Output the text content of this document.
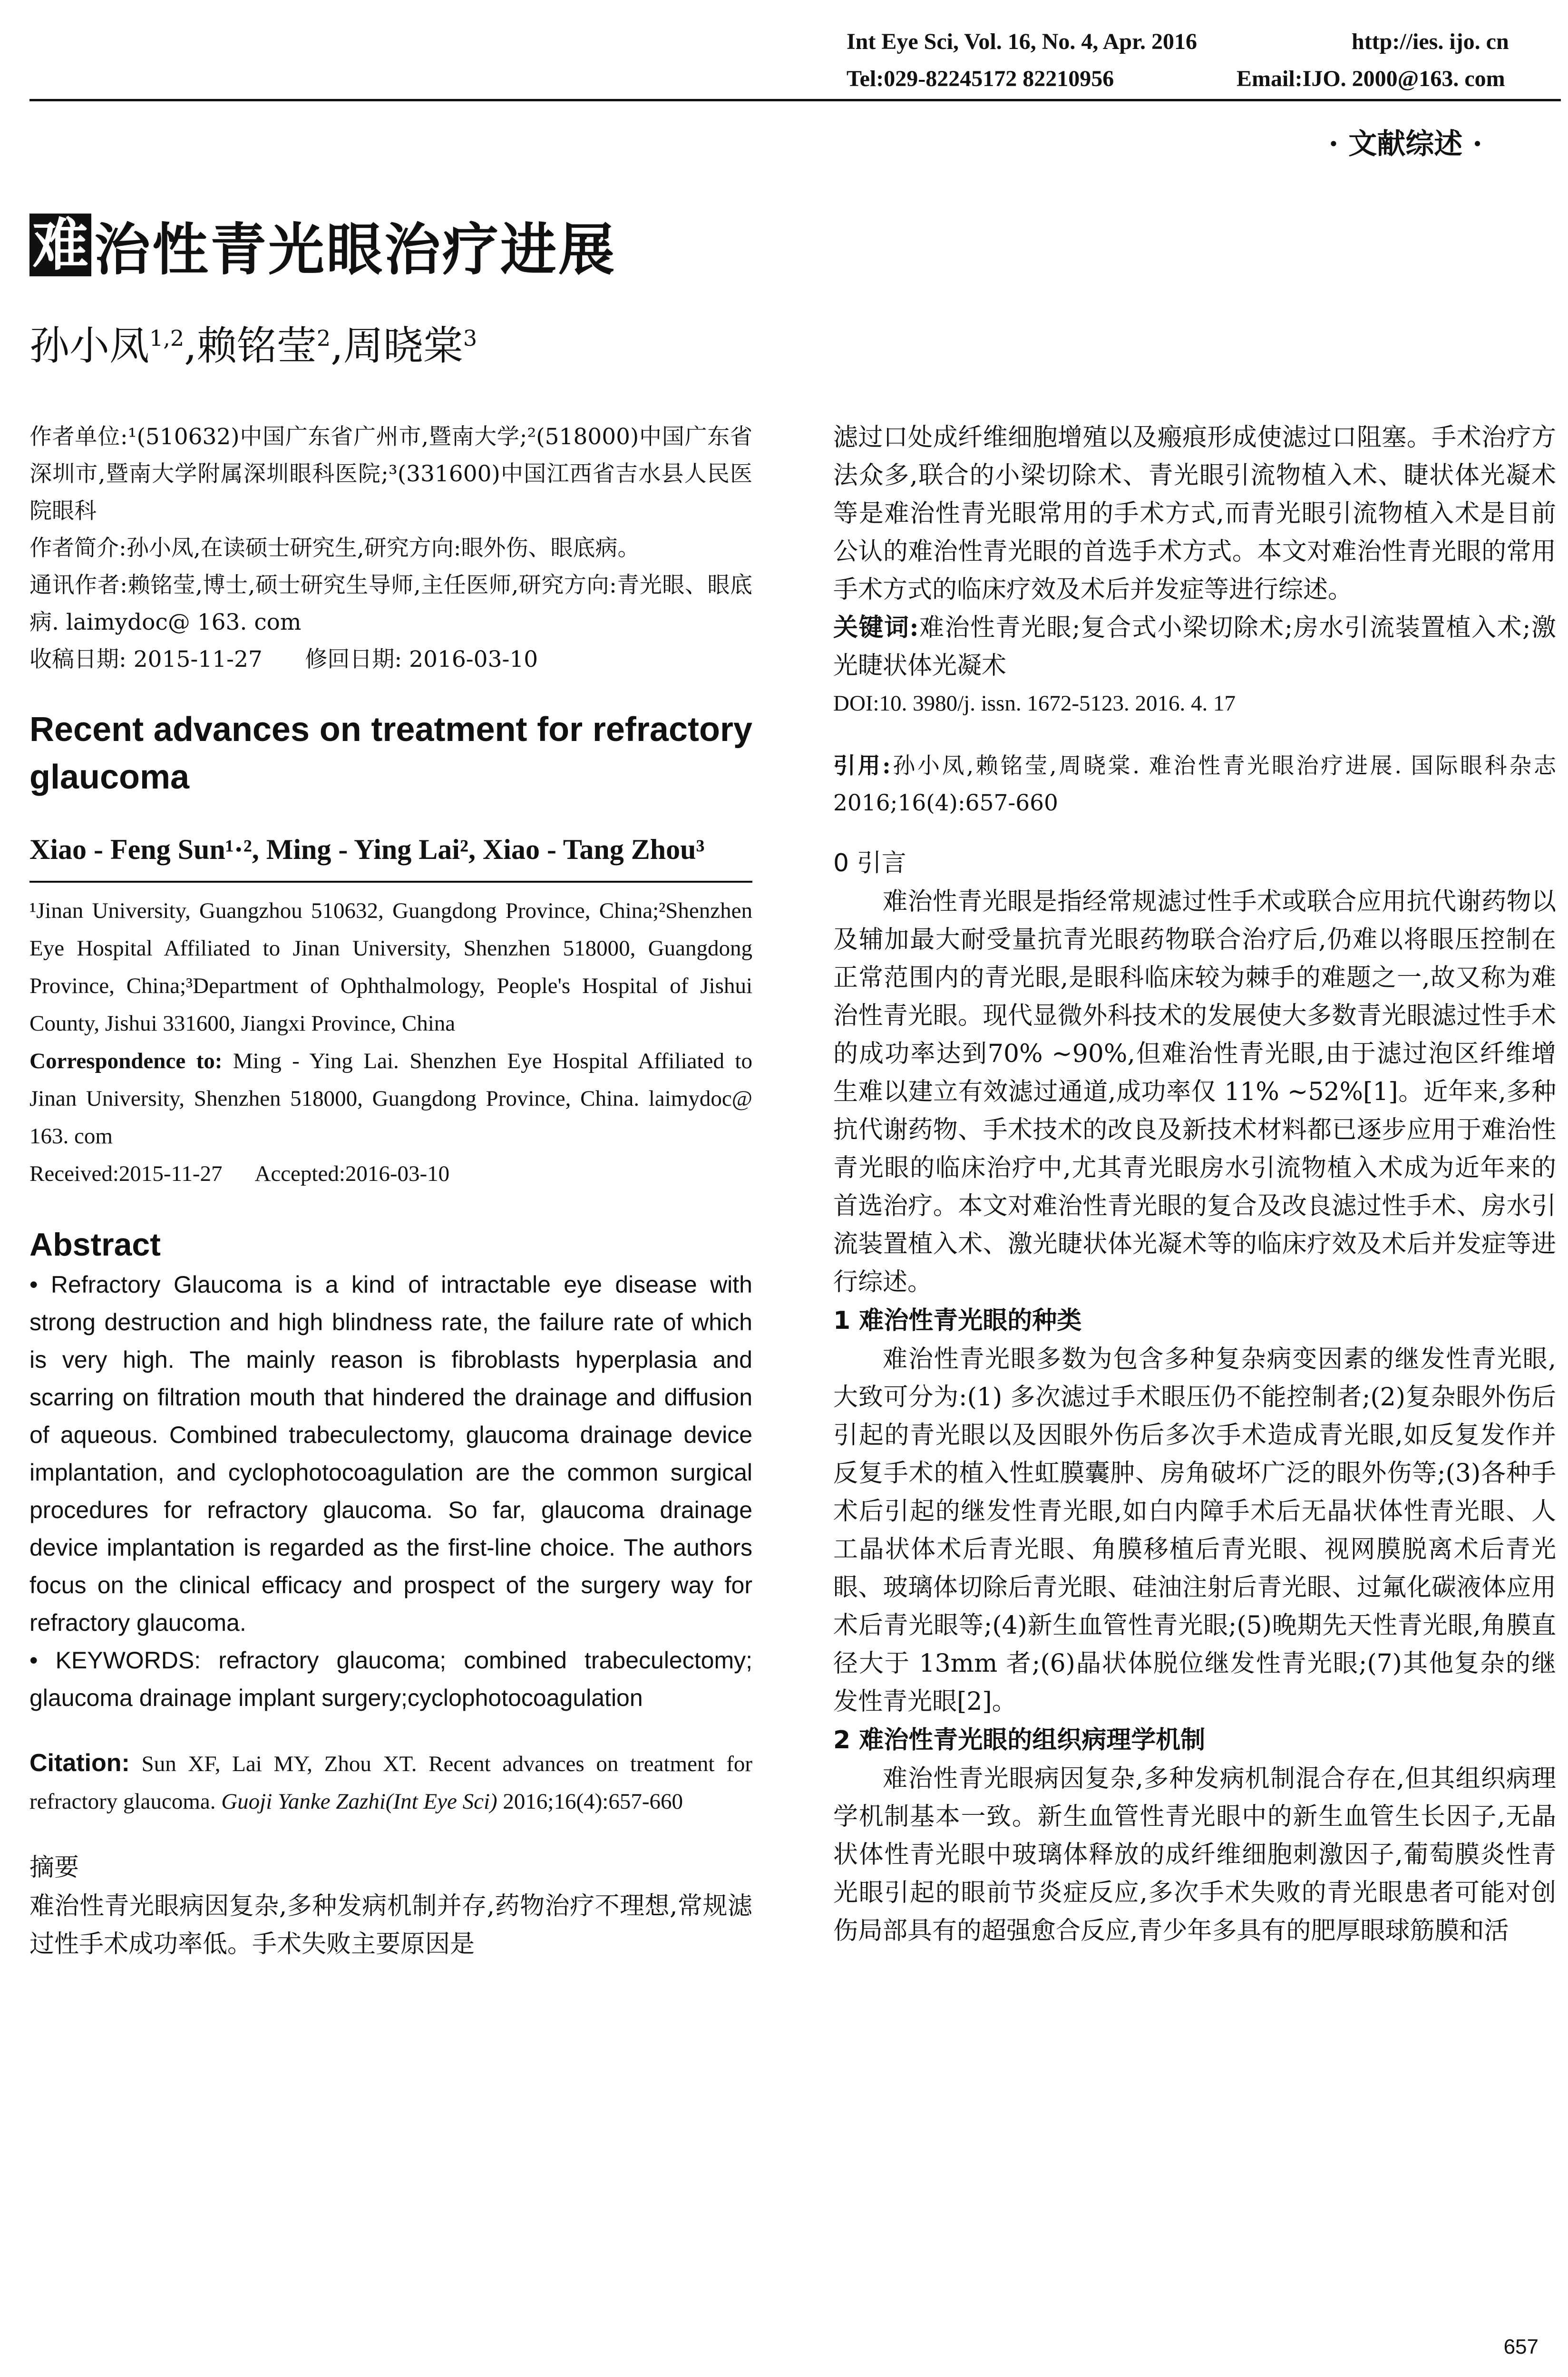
Int Eye Sci, Vol. 16, No. 4, Apr. 2016	http://ies. ijo. cn
Tel:029-82245172 82210956	Email:IJO. 2000@163. com
· 文献综述 ·
难 治性青光眼治疗进展
孙小凤$^{1,2}$,赖铭莹$^2$,周晓棠$^3$

作者单位:¹(510632)中国广东省广州市,暨南大学;²(518000)中国广东省深圳市,暨南大学附属深圳眼科医院;³(331600)中国江西省吉水县人民医院眼科

作者简介:孙小凤,在读硕士研究生,研究方向:眼外伤、眼底病。

通讯作者:赖铭莹,博士,硕士研究生导师,主任医师,研究方向:青光眼、眼底病. laimydoc@ 163. com

收稿日期: 2015-11-27      修回日期: 2016-03-10

Recent advances on treatment for refractory glaucoma
Xiao - Feng Sun¹·², Ming - Ying Lai², Xiao - Tang Zhou³

¹Jinan University, Guangzhou 510632, Guangdong Province, China;²Shenzhen Eye Hospital Affiliated to Jinan University, Shenzhen 518000, Guangdong Province, China;³Department of Ophthalmology, People's Hospital of Jishui County, Jishui 331600, Jiangxi Province, China

Correspondence to: Ming - Ying Lai. Shenzhen Eye Hospital Affiliated to Jinan University, Shenzhen 518000, Guangdong Province, China. laimydoc@ 163. com

Received:2015-11-27      Accepted:2016-03-10

Abstract

• Refractory Glaucoma is a kind of intractable eye disease with strong destruction and high blindness rate, the failure rate of which is very high. The mainly reason is fibroblasts hyperplasia and scarring on filtration mouth that hindered the drainage and diffusion of aqueous. Combined trabeculectomy, glaucoma drainage device implantation, and cyclophotocoagulation are the common surgical procedures for refractory glaucoma. So far, glaucoma drainage device implantation is regarded as the first-line choice. The authors focus on the clinical efficacy and prospect of the surgery way for refractory glaucoma.

• KEYWORDS: refractory glaucoma; combined trabeculectomy; glaucoma drainage implant surgery;cyclophotocoagulation

Citation: Sun XF, Lai MY, Zhou XT. Recent advances on treatment for refractory glaucoma. Guoji Yanke Zazhi(Int Eye Sci) 2016;16(4):657-660

摘要

难治性青光眼病因复杂,多种发病机制并存,药物治疗不理想,常规滤过性手术成功率低。手术失败主要原因是

滤过口处成纤维细胞增殖以及瘢痕形成使滤过口阻塞。手术治疗方法众多,联合的小梁切除术、青光眼引流物植入术、睫状体光凝术等是难治性青光眼常用的手术方式,而青光眼引流物植入术是目前公认的难治性青光眼的首选手术方式。本文对难治性青光眼的常用手术方式的临床疗效及术后并发症等进行综述。

关键词:难治性青光眼;复合式小梁切除术;房水引流装置植入术;激光睫状体光凝术

DOI:10. 3980/j. issn. 1672-5123. 2016. 4. 17

引用:孙小凤,赖铭莹,周晓棠. 难治性青光眼治疗进展. 国际眼科杂志 2016;16(4):657-660

0 引言

难治性青光眼是指经常规滤过性手术或联合应用抗代谢药物以及辅加最大耐受量抗青光眼药物联合治疗后,仍难以将眼压控制在正常范围内的青光眼,是眼科临床较为棘手的难题之一,故又称为难治性青光眼。现代显微外科技术的发展使大多数青光眼滤过性手术的成功率达到70% ~90%,但难治性青光眼,由于滤过泡区纤维增生难以建立有效滤过通道,成功率仅 11% ~52%[1]。近年来,多种抗代谢药物、手术技术的改良及新技术材料都已逐步应用于难治性青光眼的临床治疗中,尤其青光眼房水引流物植入术成为近年来的首选治疗。本文对难治性青光眼的复合及改良滤过性手术、房水引流装置植入术、激光睫状体光凝术等的临床疗效及术后并发症等进行综述。

1 难治性青光眼的种类

难治性青光眼多数为包含多种复杂病变因素的继发性青光眼,大致可分为:(1) 多次滤过手术眼压仍不能控制者;(2)复杂眼外伤后引起的青光眼以及因眼外伤后多次手术造成青光眼,如反复发作并反复手术的植入性虹膜囊肿、房角破坏广泛的眼外伤等;(3)各种手术后引起的继发性青光眼,如白内障手术后无晶状体性青光眼、人工晶状体术后青光眼、角膜移植后青光眼、视网膜脱离术后青光眼、玻璃体切除后青光眼、硅油注射后青光眼、过氟化碳液体应用术后青光眼等;(4)新生血管性青光眼;(5)晚期先天性青光眼,角膜直径大于 13mm 者;(6)晶状体脱位继发性青光眼;(7)其他复杂的继发性青光眼[2]。

2 难治性青光眼的组织病理学机制

难治性青光眼病因复杂,多种发病机制混合存在,但其组织病理学机制基本一致。新生血管性青光眼中的新生血管生长因子,无晶状体性青光眼中玻璃体释放的成纤维细胞刺激因子,葡萄膜炎性青光眼引起的眼前节炎症反应,多次手术失败的青光眼患者可能对创伤局部具有的超强愈合反应,青少年多具有的肥厚眼球筋膜和活

657
